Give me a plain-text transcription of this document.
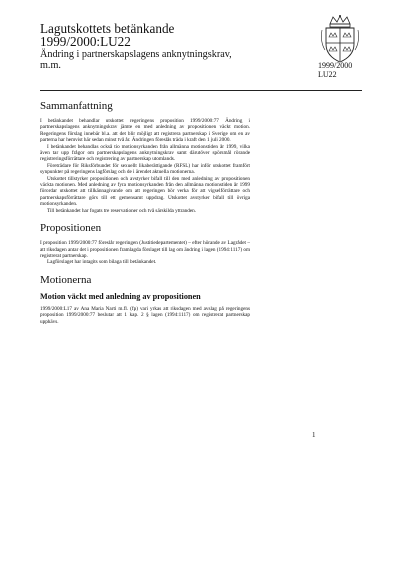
Lagutskottets betänkande
1999/2000:LU22
Ändring i partnerskapslagens anknytningskrav, m.m.	1999/2000
LU22
Sammanfattning

I betänkandet behandlar utskottet regeringens proposition 1999/2000:77 Ändring i partnerskapslagens anknytningskrav jämte en med anledning av propositionen väckt motion. Regeringens förslag innebär bl.a. att det blir möjligt att registrera partnerskap i Sverige om en av parterna har hemvist här sedan minst två år. Ändringen föreslås träda i kraft den 1 juli 2000.

I betänkandet behandlas också tio motionsyrkanden från allmänna motionstiden år 1999, vilka även tar upp frågor om partnerskapslagens anknytningskrav samt därutöver spörsmål rörande registreringsförrättare och registrering av partnerskap utomlands.

Företrädare för Riksförbundet för sexuellt likaberättigande (RFSL) har inför utskottet framfört synpunkter på regeringens lagförslag och de i ärendet aktuella motionerna.

Utskottet tillstyrker propositionen och avstyrker bifall till den med anledning av propositionen väckta motionen. Med anledning av fyra motionsyrkanden från den allmänna motionstiden år 1999 förordar utskottet att tillkännagivande om att regeringen bör verka för att vigselförrättare och partnerskapsförrättare görs till ett gemensamt uppdrag. Utskottet avstyrker bifall till övriga motionsyrkanden.

Till betänkandet har fogats tre reservationer och två särskilda yttranden.

Propositionen

I proposition 1999/2000:77 föreslår regeringen (Justitiedepartementet) – efter hörande av Lagrådet – att riksdagen antar det i propositionen framlagda förslaget till lag om ändring i lagen (1994:1117) om registrerat partnerskap.

Lagförslaget har intagits som bilaga till betänkandet.

Motionerna
Motion väckt med anledning av propositionen

1999/2000:L17 av Ana Maria Narti m.fl. (fp) vari yrkas att riksdagen med avslag på regeringens proposition 1999/2000:77 beslutar att 1 kap. 2 § lagen (1994:1117) om registrerat partnerskap upphävs.

1
